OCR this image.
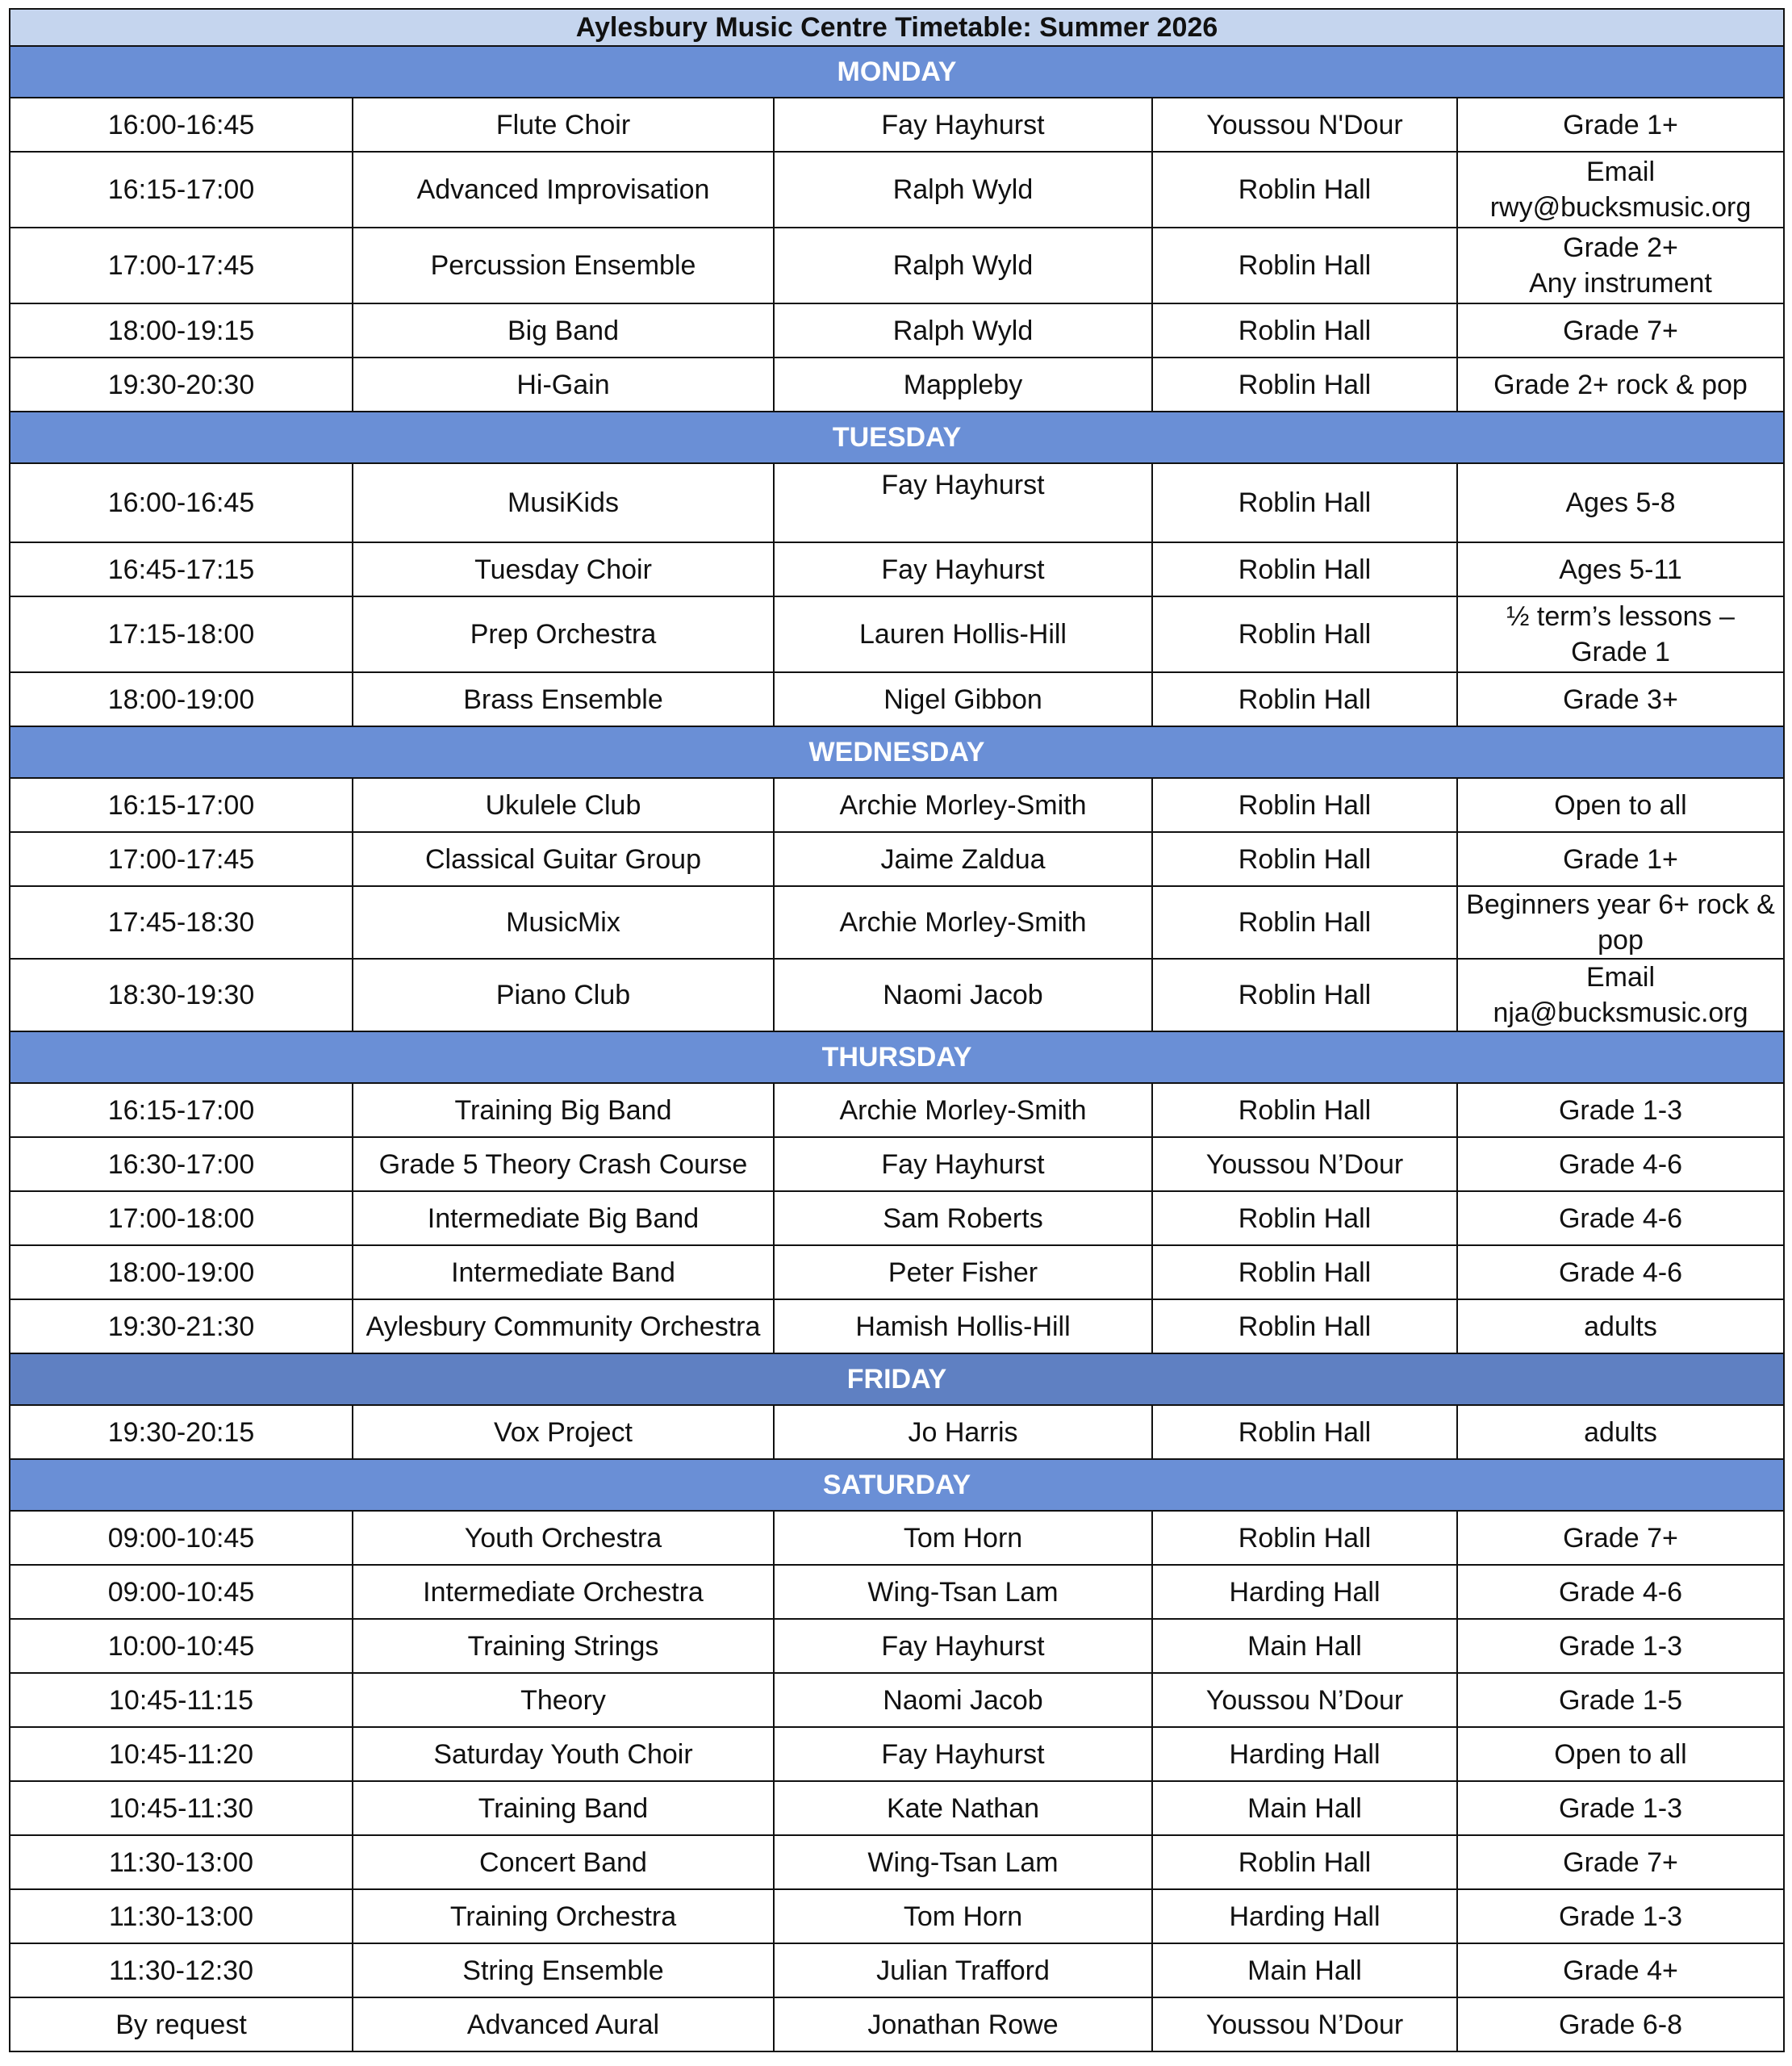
Aylesbury Music Centre Timetable: Summer 2026				
MONDAY				
16:00-16:45	Flute Choir	Fay Hayhurst	Youssou N'Dour	Grade 1+
16:15-17:00	Advanced Improvisation	Ralph Wyld	Roblin Hall	Email
rwy@bucksmusic.org

17:00-17:45	Percussion Ensemble	Ralph Wyld	Roblin Hall	Grade 2+
Any instrument

18:00-19:15	Big Band	Ralph Wyld	Roblin Hall	Grade 7+
19:30-20:30	Hi-Gain	Mappleby	Roblin Hall	Grade 2+ rock & pop
TUESDAY				
16:00-16:45	MusiKids	Fay Hayhurst	Roblin Hall	Ages 5-8
16:45-17:15	Tuesday Choir	Fay Hayhurst	Roblin Hall	Ages 5-11
17:15-18:00	Prep Orchestra	Lauren Hollis-Hill	Roblin Hall	½ term’s lessons –
Grade 1

18:00-19:00	Brass Ensemble	Nigel Gibbon	Roblin Hall	Grade 3+
WEDNESDAY				
16:15-17:00	Ukulele Club	Archie Morley-Smith	Roblin Hall	Open to all
17:00-17:45	Classical Guitar Group	Jaime Zaldua	Roblin Hall	Grade 1+
17:45-18:30	MusicMix	Archie Morley-Smith	Roblin Hall	Beginners year 6+ rock & pop
18:30-19:30	Piano Club	Naomi Jacob	Roblin Hall	Email nja@bucksmusic.org
THURSDAY				
16:15-17:00	Training Big Band	Archie Morley-Smith	Roblin Hall	Grade 1-3
16:30-17:00	Grade 5 Theory Crash Course	Fay Hayhurst	Youssou N’Dour	Grade 4-6
17:00-18:00	Intermediate Big Band	Sam Roberts	Roblin Hall	Grade 4-6
18:00-19:00	Intermediate Band	Peter Fisher	Roblin Hall	Grade 4-6
19:30-21:30	Aylesbury Community Orchestra	Hamish Hollis-Hill	Roblin Hall	adults
FRIDAY				
19:30-20:15	Vox Project	Jo Harris	Roblin Hall	adults
SATURDAY				
09:00-10:45	Youth Orchestra	Tom Horn	Roblin Hall	Grade 7+
09:00-10:45	Intermediate Orchestra	Wing-Tsan Lam	Harding Hall	Grade 4-6
10:00-10:45	Training Strings	Fay Hayhurst	Main Hall	Grade 1-3
10:45-11:15	Theory	Naomi Jacob	Youssou N’Dour	Grade 1-5
10:45-11:20	Saturday Youth Choir	Fay Hayhurst	Harding Hall	Open to all
10:45-11:30	Training Band	Kate Nathan	Main Hall	Grade 1-3
11:30-13:00	Concert Band	Wing-Tsan Lam	Roblin Hall	Grade 7+
11:30-13:00	Training Orchestra	Tom Horn	Harding Hall	Grade 1-3
11:30-12:30	String Ensemble	Julian Trafford	Main Hall	Grade 4+
By request	Advanced Aural	Jonathan Rowe	Youssou N’Dour	Grade 6-8
